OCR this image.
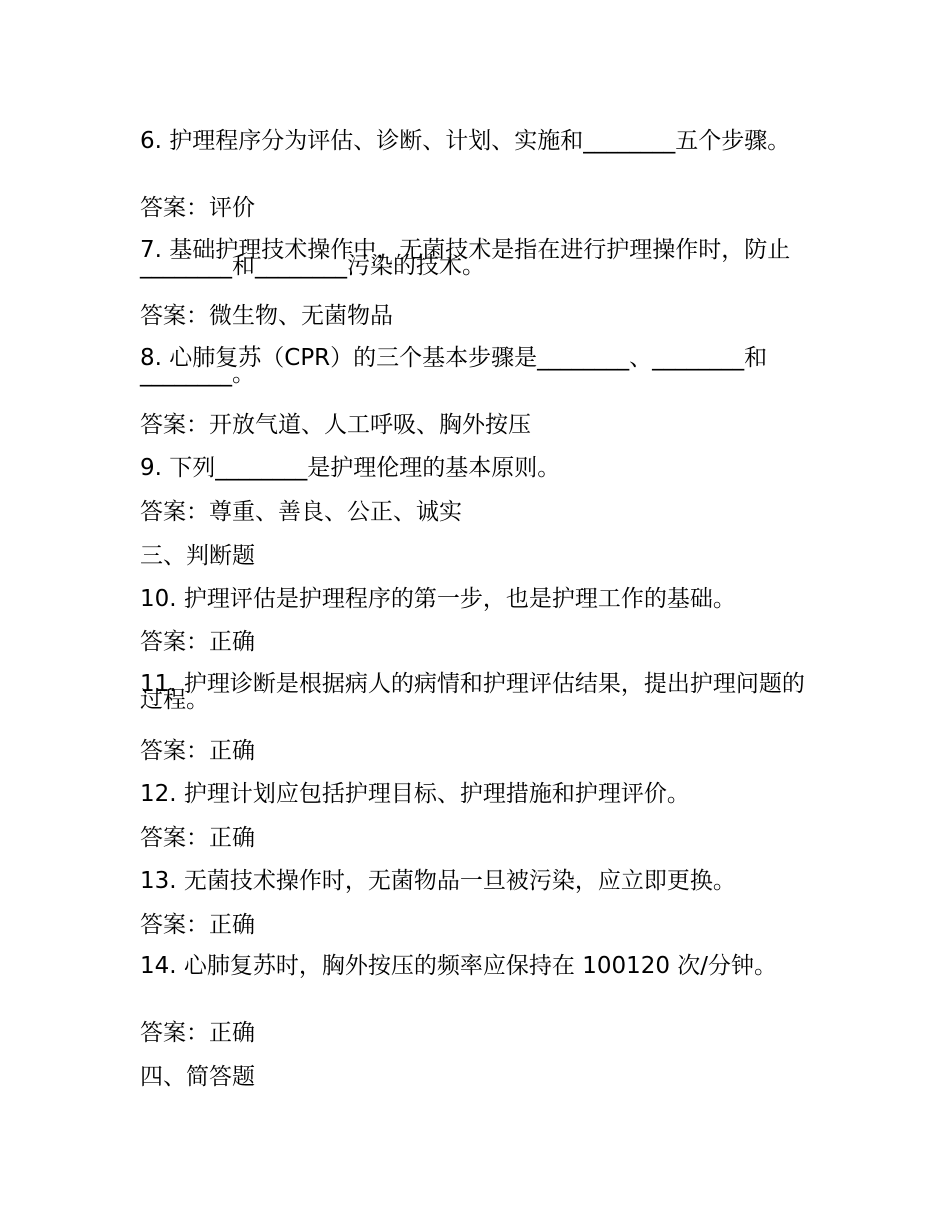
6. 护理程序分为评估、诊断、计划、实施和________五个步骤。
答案：评价
7. 基础护理技术操作中，无菌技术是指在进行护理操作时，防止________和________污染的技术。
答案：微生物、无菌物品
8. 心肺复苏（CPR）的三个基本步骤是________、________和________。
答案：开放气道、人工呼吸、胸外按压
9. 下列________是护理伦理的基本原则。
答案：尊重、善良、公正、诚实
三、判断题
10. 护理评估是护理程序的第一步，也是护理工作的基础。
答案：正确
11. 护理诊断是根据病人的病情和护理评估结果，提出护理问题的过程。
答案：正确
12. 护理计划应包括护理目标、护理措施和护理评价。
答案：正确
13. 无菌技术操作时，无菌物品一旦被污染，应立即更换。
答案：正确
14. 心肺复苏时，胸外按压的频率应保持在 100120 次/分钟。
答案：正确
四、简答题
